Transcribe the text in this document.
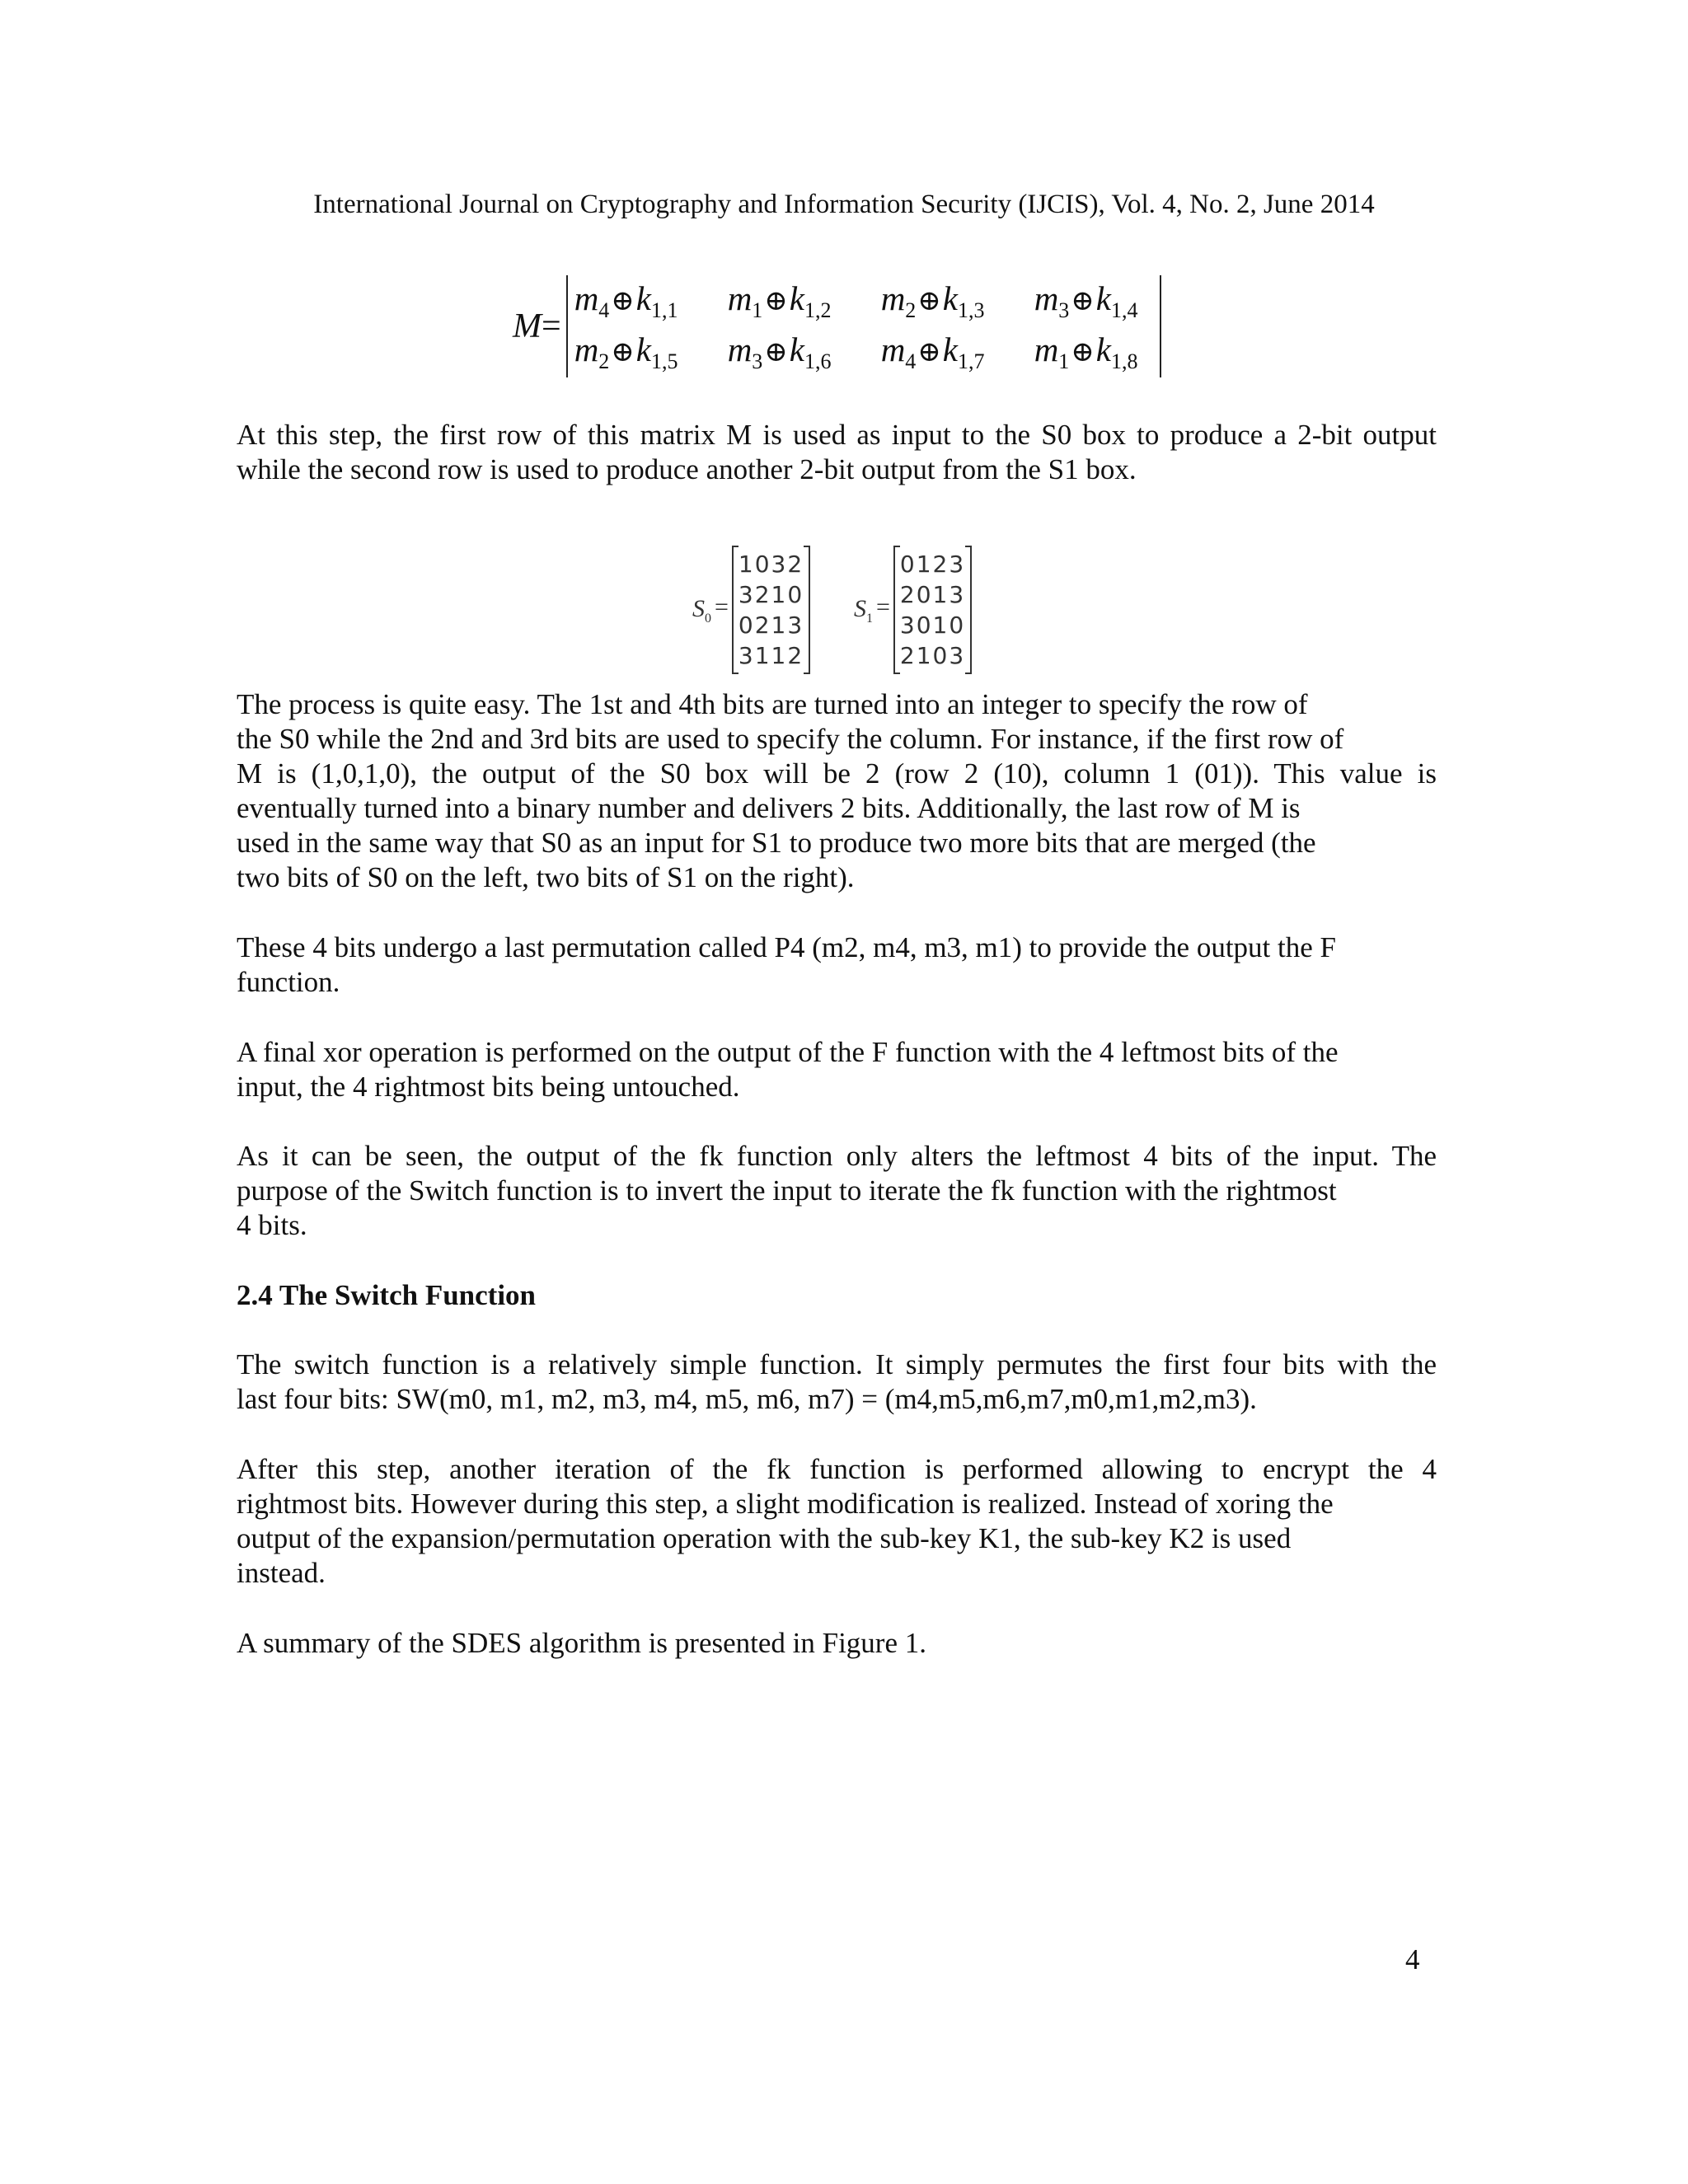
International Journal on Cryptography and Information Security (IJCIS), Vol. 4, No. 2, June 2014
M=
$m_4\oplus k_{1,1}$	$m_1\oplus k_{1,2}$	$m_2\oplus k_{1,3}$	$m_3\oplus k_{1,4}$
$m_2\oplus k_{1,5}$	$m_3\oplus k_{1,6}$	$m_4\oplus k_{1,7}$	$m_1\oplus k_{1,8}$
At this step, the first row of this matrix M is used as input to the S0 box to produce a 2-bit output
while the second row is used to produce another 2-bit output from the S1 box.
$S_0$ =
1032
3210
0213
3112
$S_1$ =
0123
2013
3010
2103
The process is quite easy. The 1st and 4th bits are turned into an integer to specify the row of
the S0 while the 2nd and 3rd bits are used to specify the column. For instance, if the first row of
M is (1,0,1,0), the output of the S0 box will be 2 (row 2 (10), column 1 (01)). This value is
eventually turned into a binary number and delivers 2 bits. Additionally, the last row of M is
used in the same way that S0 as an input for S1 to produce two more bits that are merged (the
two bits of S0 on the left, two bits of S1 on the right).
These 4 bits undergo a last permutation called P4 (m2, m4, m3, m1) to provide the output the F
function.
A final xor operation is performed on the output of the F function with the 4 leftmost bits of the
input, the 4 rightmost bits being untouched.
As it can be seen, the output of the fk function only alters the leftmost 4 bits of the input. The
purpose of the Switch function is to invert the input to iterate the fk function with the rightmost
4 bits.
2.4 The Switch Function
The switch function is a relatively simple function. It simply permutes the first four bits with the
last four bits: SW(m0, m1, m2, m3, m4, m5, m6, m7) = (m4,m5,m6,m7,m0,m1,m2,m3).
After this step, another iteration of the fk function is performed allowing to encrypt the 4
rightmost bits. However during this step, a slight modification is realized. Instead of xoring the
output of the expansion/permutation operation with the sub-key K1, the sub-key K2 is used
instead.
A summary of the SDES algorithm is presented in Figure 1.
4
